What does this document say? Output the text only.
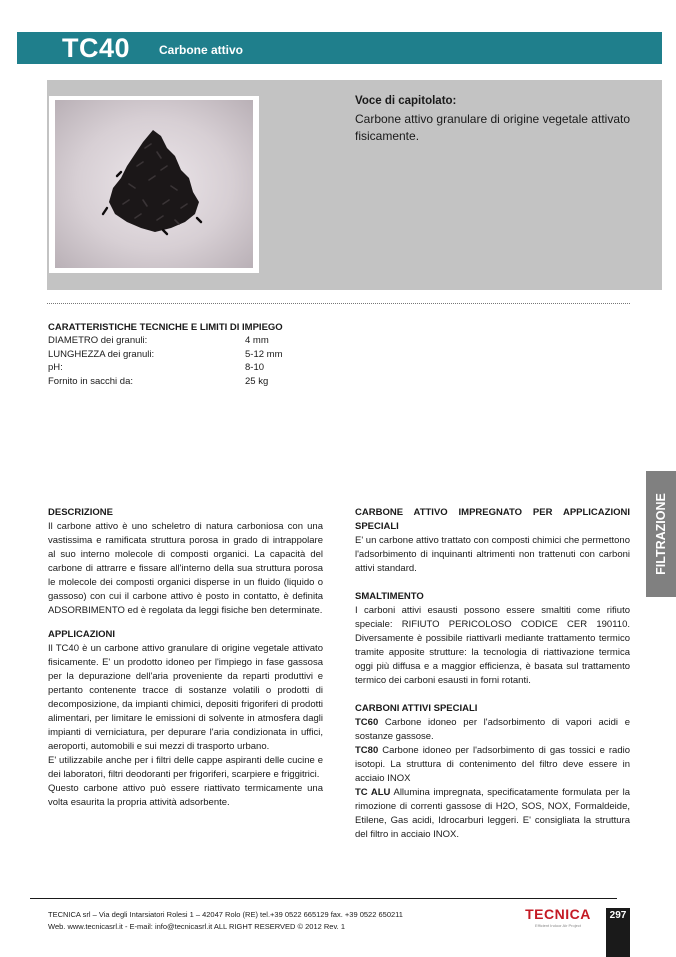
TC40 Carbone attivo
Voce di capitolato:

Carbone attivo granulare di origine vegetale attivato fisicamente.

CARATTERISTICHE TECNICHE E LIMITI DI IMPIEGO
DIAMETRO dei granuli:	4 mm
LUNGHEZZA dei granuli:	5-12 mm
pH:	8-10
Fornito in sacchi da:	25 kg
FILTRAZIONE
DESCRIZIONE

Il carbone attivo è uno scheletro di natura carboniosa con una vastissima e ramificata struttura porosa in grado di intrappolare al suo interno molecole di composti organici. La capacità del carbone di attrarre e fissare all'interno della sua struttura porosa le molecole dei composti organici disperse in un fluido (liquido o gassoso) con cui il carbone attivo è posto in contatto, è definita ADSORBIMENTO ed è regolata da leggi fisiche ben determinate.

APPLICAZIONI

Il TC40 è un carbone attivo granulare di origine vegetale attivato fisicamente. E' un prodotto idoneo per l'impiego in fase gassosa per la depurazione dell'aria proveniente da reparti produttivi e pertanto contenente tracce di sostanze volatili o prodotti di decomposizione, da impianti chimici, depositi frigoriferi di prodotti alimentari, per limitare le emissioni di solvente in atmosfera dagli impianti di verniciatura, per depurare l'aria condizionata in uffici, aeroporti, automobili e sui mezzi di trasporto urbano.

E' utilizzabile anche per i filtri delle cappe aspiranti delle cucine e dei laboratori, filtri deodoranti per frigoriferi, scarpiere e friggitrici.

Questo carbone attivo può essere riattivato termicamente una volta esaurita la propria attività adsorbente.

CARBONE ATTIVO IMPREGNATO PER APPLICAZIONI SPECIALI

E' un carbone attivo trattato con composti chimici che permettono l'adsorbimento di inquinanti altrimenti non trattenuti con carboni attivi standard.

SMALTIMENTO

I carboni attivi esausti possono essere smaltiti come rifiuto speciale: RIFIUTO PERICOLOSO CODICE CER 190110. Diversamente è possibile riattivarli mediante trattamento termico tramite apposite strutture: la tecnologia di riattivazione termica oggi più diffusa e a maggior efficienza, è basata sul trattamento termico dei carboni esausti in forni rotanti.

CARBONI ATTIVI SPECIALI

TC60 Carbone idoneo per l'adsorbimento di vapori acidi e sostanze gassose.

TC80 Carbone idoneo per l'adsorbimento di gas tossici e radio isotopi. La struttura di contenimento del filtro deve essere in acciaio INOX

TC ALU Allumina impregnata, specificatamente formulata per la rimozione di correnti gassose di H2O, SOS, NOX, Formaldeide, Etilene, Gas acidi, Idrocarburi leggeri. E' consigliata la struttura del filtro in acciaio INOX.

TECNICA srl – Via degli Intarsiatori Rolesi 1 – 42047 Rolo (RE) tel.+39 0522 665129 fax. +39 0522 650211
Web. www.tecnicasrl.it - E-mail: info@tecnicasrl.it ALL RIGHT RESERVED © 2012 Rev. 1
TECNICA
Efficient Indoor Air Project
297
